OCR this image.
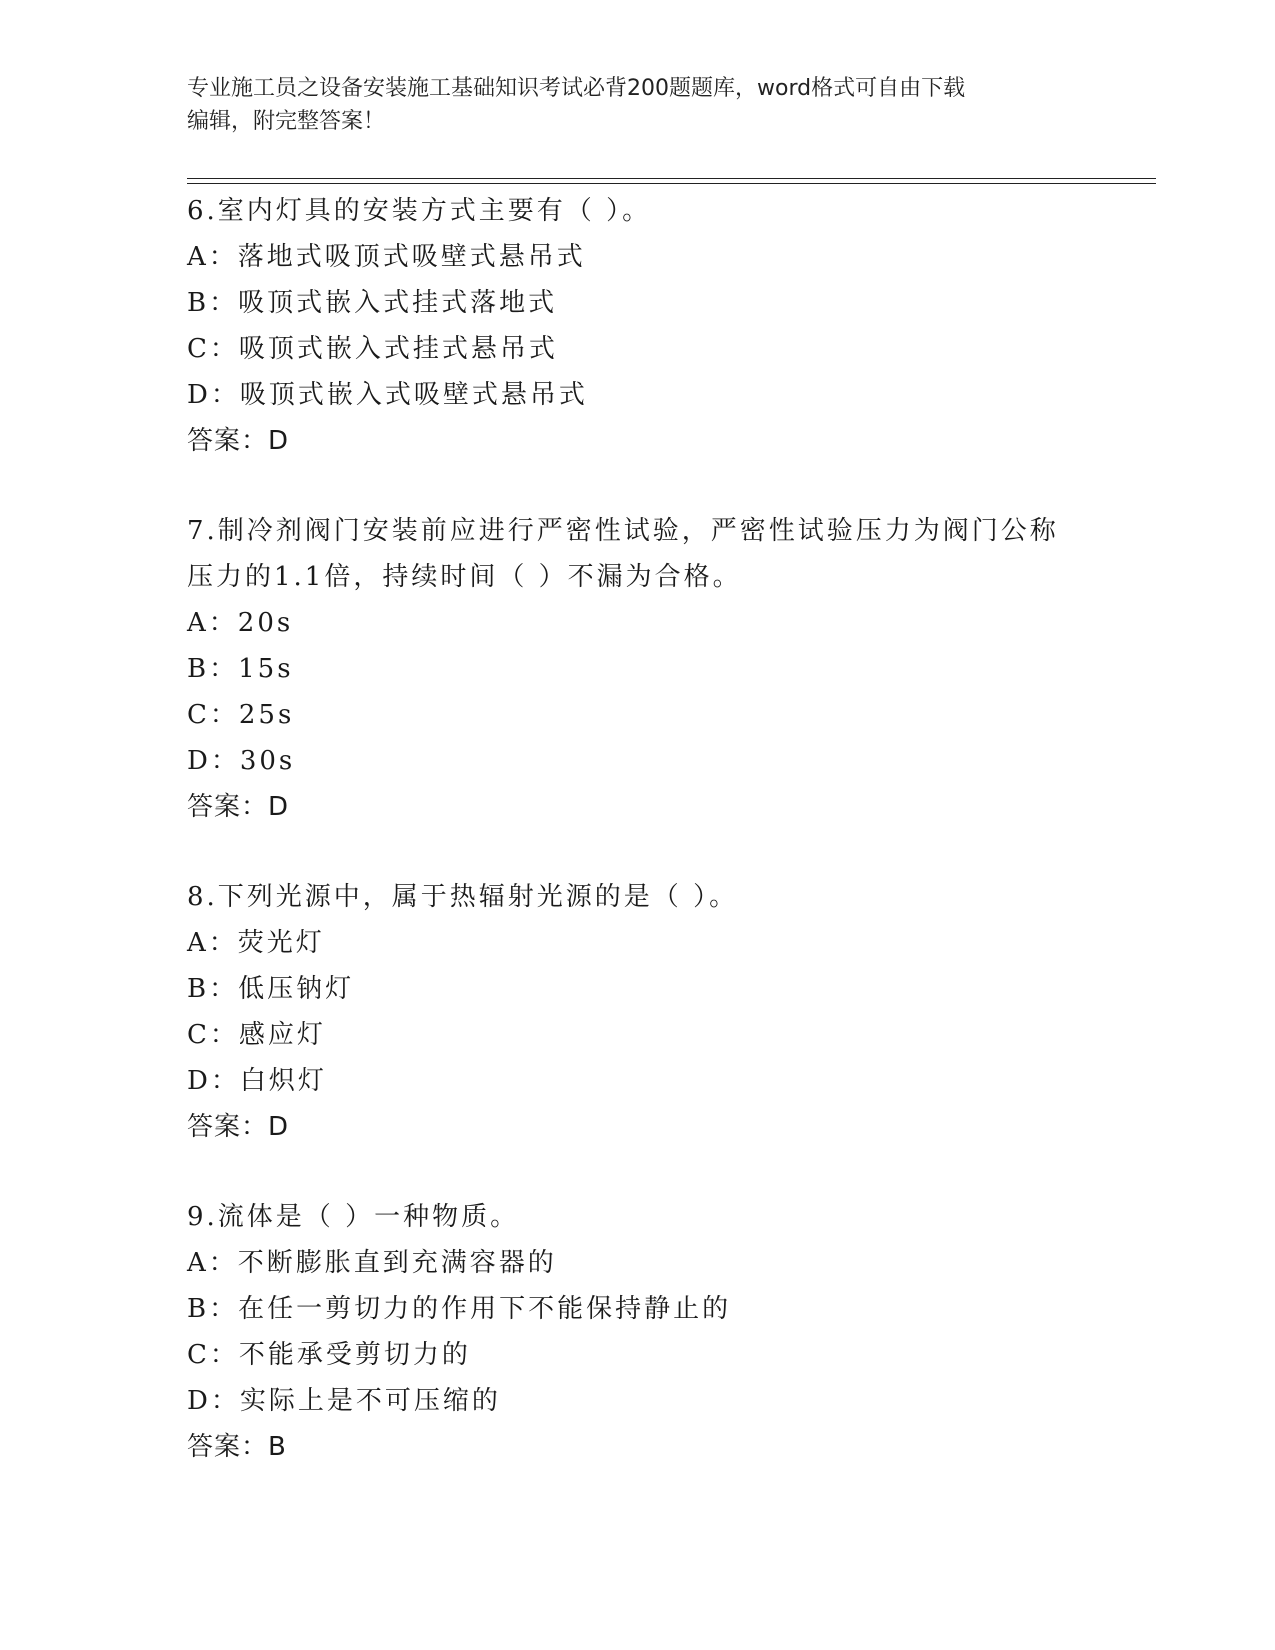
专业施工员之设备安装施工基础知识考试必背200题题库，word格式可自由下载
编辑，附完整答案！
6.室内灯具的安装方式主要有（ ）。
A：落地式吸顶式吸壁式悬吊式
B：吸顶式嵌入式挂式落地式
C：吸顶式嵌入式挂式悬吊式
D：吸顶式嵌入式吸壁式悬吊式
答案：D
7.制冷剂阀门安装前应进行严密性试验，严密性试验压力为阀门公称压力的1.1倍，持续时间（ ）不漏为合格。
A：20s
B：15s
C：25s
D：30s
答案：D
8.下列光源中，属于热辐射光源的是（ ）。
A：荧光灯
B：低压钠灯
C：感应灯
D：白炽灯
答案：D
9.流体是（ ）一种物质。
A：不断膨胀直到充满容器的
B：在任一剪切力的作用下不能保持静止的
C：不能承受剪切力的
D：实际上是不可压缩的
答案：B
